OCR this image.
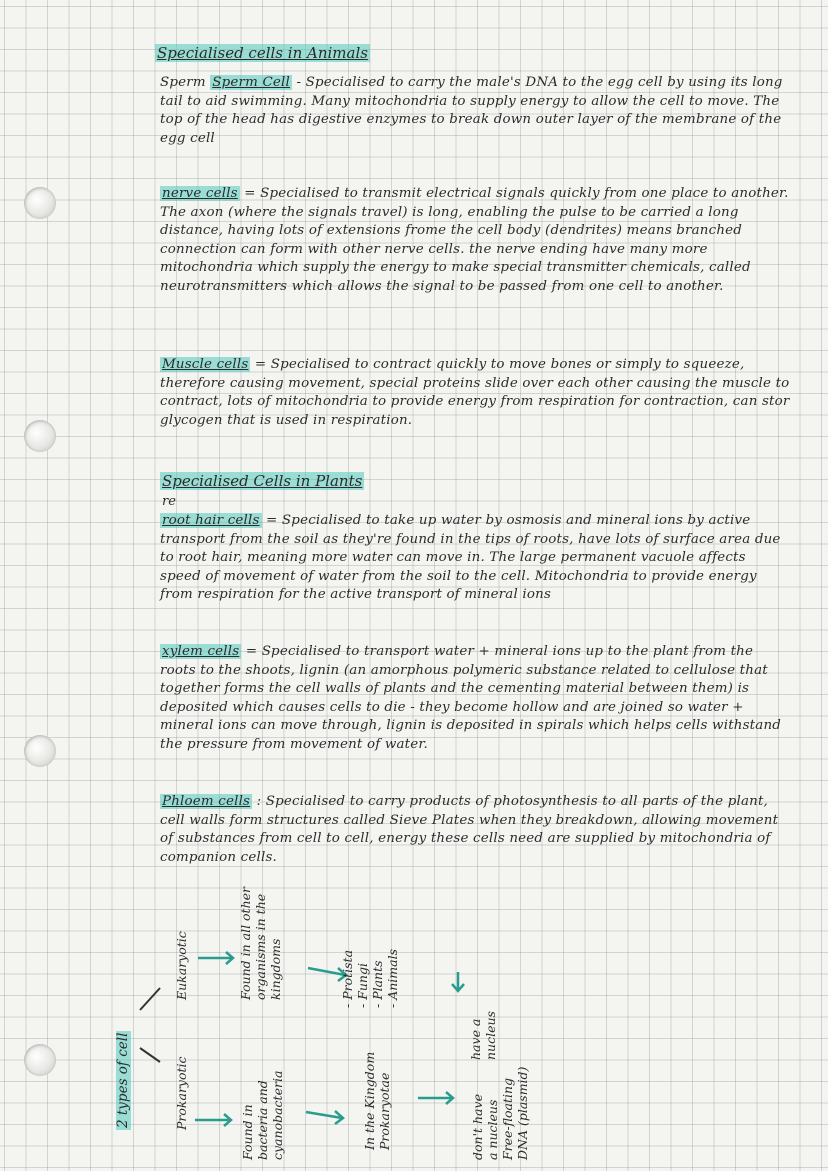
Specialised cells in Animals

Sperm Sperm Cell - Specialised to carry the male's DNA to the egg cell by using its long tail to aid swimming. Many mitochondria to supply energy to allow the cell to move. The top of the head has digestive enzymes to break down outer layer of the membrane of the egg cell

nerve cells = Specialised to transmit electrical signals quickly from one place to another. The axon (where the signals travel) is long, enabling the pulse to be carried a long distance, having lots of extensions frome the cell body (dendrites) means branched connection can form with other nerve cells. the nerve ending have many more mitochondria which supply the energy to make special transmitter chemicals, called neurotransmitters which allows the signal to be passed from one cell to another.

Muscle cells = Specialised to contract quickly to move bones or simply to squeeze, therefore causing movement, special proteins slide over each other causing the muscle to contract, lots of mitochondria to provide energy from respiration for contraction, can stor glycogen that is used in respiration.

Specialised Cells in Plants
re

root hair cells = Specialised to take up water by osmosis and mineral ions by active transport from the soil as they're found in the tips of roots, have lots of surface area due to root hair, meaning more water can move in. The large permanent vacuole affects speed of movement of water from the soil to the cell. Mitochondria to provide energy from respiration for the active transport of mineral ions

xylem cells = Specialised to transport water + mineral ions up to the plant from the roots to the shoots, lignin (an amorphous polymeric substance related to cellulose that together forms the cell walls of plants and the cementing material between them) is deposited which causes cells to die - they become hollow and are joined so water + mineral ions can move through, lignin is deposited in spirals which helps cells withstand the pressure from movement of water.

Phloem cells : Specialised to carry products of photosynthesis to all parts of the plant, cell walls form structures called Sieve Plates when they breakdown, allowing movement of substances from cell to cell, energy these cells need are supplied by mitochondria of companion cells.

2 types of cell
Eukaryotic
Prokaryotic
Found in all other organisms in the kingdoms
Found in bacteria and cyanobacteria
- Protista - Fungi - Plants - Animals
In the Kingdom Prokaryotae
have a nucleus
don't have a nucleus Free-floating DNA (plasmid)
